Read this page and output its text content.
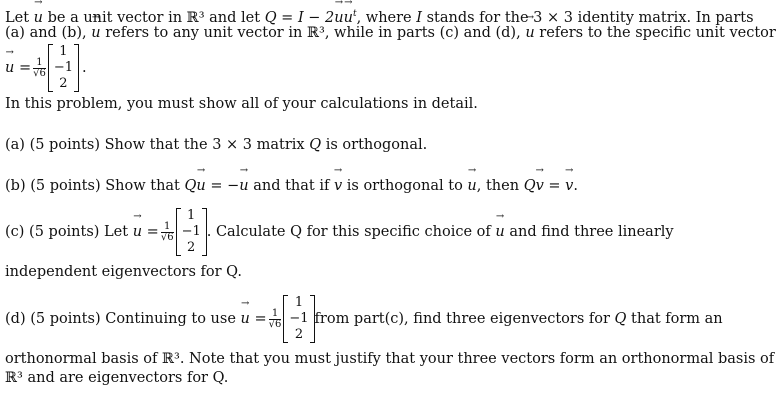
Let → u be a unit vector in ℝ³ and let $Q = I - 2\to u\to u^t$, where I stands for the 3 × 3 identity matrix. In parts
(a) and (b), → u refers to any unit vector in ℝ³, while in parts (c) and (d), → u refers to the specific unit vector
→ $u = \frac{1}{√6}$
1
−1
2
.
In this problem, you must show all of your calculations in detail.
(a) (5 points) Show that the 3 × 3 matrix Q is orthogonal.
(b) (5 points) Show that Q→ u = −→ u and that if → v is orthogonal to → u, then Q→ v = → v.
(c) (5 points) Let → $u = \frac{1}{√6}$
1
−1
2
. Calculate Q for this specific choice of → u and find three linearly
independent eigenvectors for Q.
(d) (5 points) Continuing to use → $u = \frac{1}{√6}$
1
−1
2
from part(c), find three eigenvectors for Q that form an
orthonormal basis of ℝ³. Note that you must justify that your three vectors form an orthonormal basis of
ℝ³ and are eigenvectors for Q.
